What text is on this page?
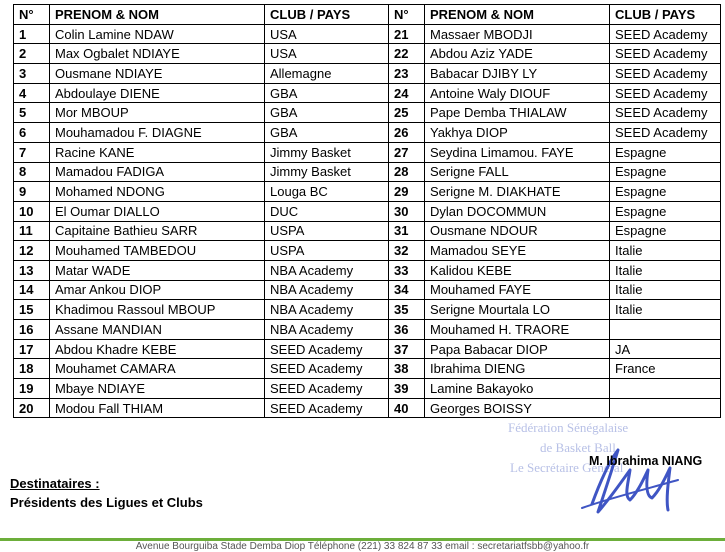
N°	PRENOM & NOM	CLUB / PAYS	N°	PRENOM & NOM	CLUB / PAYS
1	Colin Lamine NDAW	USA	21	Massaer MBODJI	SEED Academy
2	Max Ogbalet NDIAYE	USA	22	Abdou Aziz YADE	SEED Academy
3	Ousmane NDIAYE	Allemagne	23	Babacar DJIBY LY	SEED Academy
4	Abdoulaye DIENE	GBA	24	Antoine Waly DIOUF	SEED Academy
5	Mor MBOUP	GBA	25	Pape Demba THIALAW	SEED Academy
6	Mouhamadou F. DIAGNE	GBA	26	Yakhya DIOP	SEED Academy
7	Racine KANE	Jimmy Basket	27	Seydina Limamou. FAYE	Espagne
8	Mamadou FADIGA	Jimmy Basket	28	Serigne FALL	Espagne
9	Mohamed NDONG	Louga BC	29	Serigne M. DIAKHATE	Espagne
10	El Oumar DIALLO	DUC	30	Dylan DOCOMMUN	Espagne
11	Capitaine Bathieu SARR	USPA	31	Ousmane NDOUR	Espagne
12	Mouhamed TAMBEDOU	USPA	32	Mamadou SEYE	Italie
13	Matar WADE	NBA Academy	33	Kalidou KEBE	Italie
14	Amar Ankou DIOP	NBA Academy	34	Mouhamed FAYE	Italie
15	Khadimou Rassoul MBOUP	NBA Academy	35	Serigne Mourtala LO	Italie
16	Assane MANDIAN	NBA Academy	36	Mouhamed H. TRAORE	
17	Abdou Khadre KEBE	SEED Academy	37	Papa Babacar DIOP	JA
18	Mouhamet CAMARA	SEED Academy	38	Ibrahima DIENG	France
19	Mbaye NDIAYE	SEED Academy	39	Lamine Bakayoko	
20	Modou Fall THIAM	SEED Academy	40	Georges BOISSY	
Fédération Sénégalaise
de Basket Ball
Le Secrétaire Général
M. Ibrahima NIANG
Destinataires :
Présidents des Ligues et Clubs
Avenue Bourguiba Stade Demba Diop Téléphone (221) 33 824 87 33 email : secretariatfsbb@yahoo.fr
